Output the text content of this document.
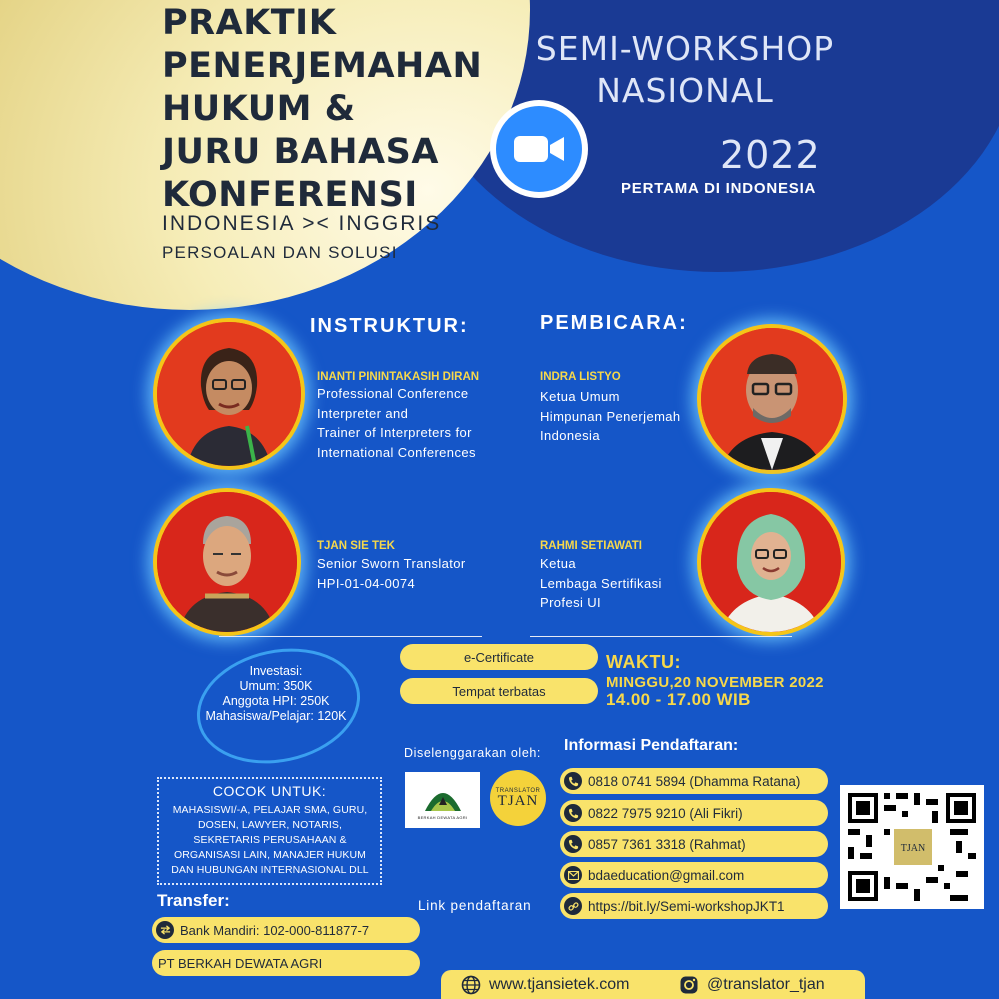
PRAKTIK
PENERJEMAHAN
HUKUM &
JURU BAHASA
KONFERENSI
INDONESIA >< INGGRIS
PERSOALAN DAN SOLUSI
SEMI-WORKSHOP
NASIONAL
2022
PERTAMA DI INDONESIA
INSTRUKTUR:	PEMBICARA:
INANTI PININTAKASIH DIRAN
Professional Conference
Interpreter and
Trainer of Interpreters for
International Conferences
TJAN SIE TEK
Senior Sworn Translator
HPI-01-04-0074
INDRA LISTYO
Ketua Umum
Himpunan Penerjemah
Indonesia
RAHMI SETIAWATI
Ketua
Lembaga Sertifikasi
Profesi UI
Investasi:
Umum: 350K
Anggota HPI: 250K
Mahasiswa/Pelajar: 120K
e-Certificate
Tempat terbatas
WAKTU:
MINGGU,20 NOVEMBER 2022
14.00 - 17.00 WIB
Diselenggarakan oleh:
BERKAH DEWATA AGRI
TRANSLATOR
TJAN
Informasi Pendaftaran:
0818 0741 5894 (Dhamma Ratana)
0822 7975 9210 (Ali Fikri)
0857 7361 3318 (Rahmat)
bdaeducation@gmail.com
https://bit.ly/Semi-workshopJKT1
Link pendaftaran
TJAN
COCOK UNTUK:
MAHASISWI/-A, PELAJAR SMA, GURU,
DOSEN, LAWYER, NOTARIS,
SEKRETARIS PERUSAHAAN &
ORGANISASI LAIN, MANAJER HUKUM
DAN HUBUNGAN INTERNASIONAL DLL
Transfer:
Bank Mandiri: 102-000-811877-7
PT BERKAH DEWATA AGRI
www.tjansietek.com	@translator_tjan
